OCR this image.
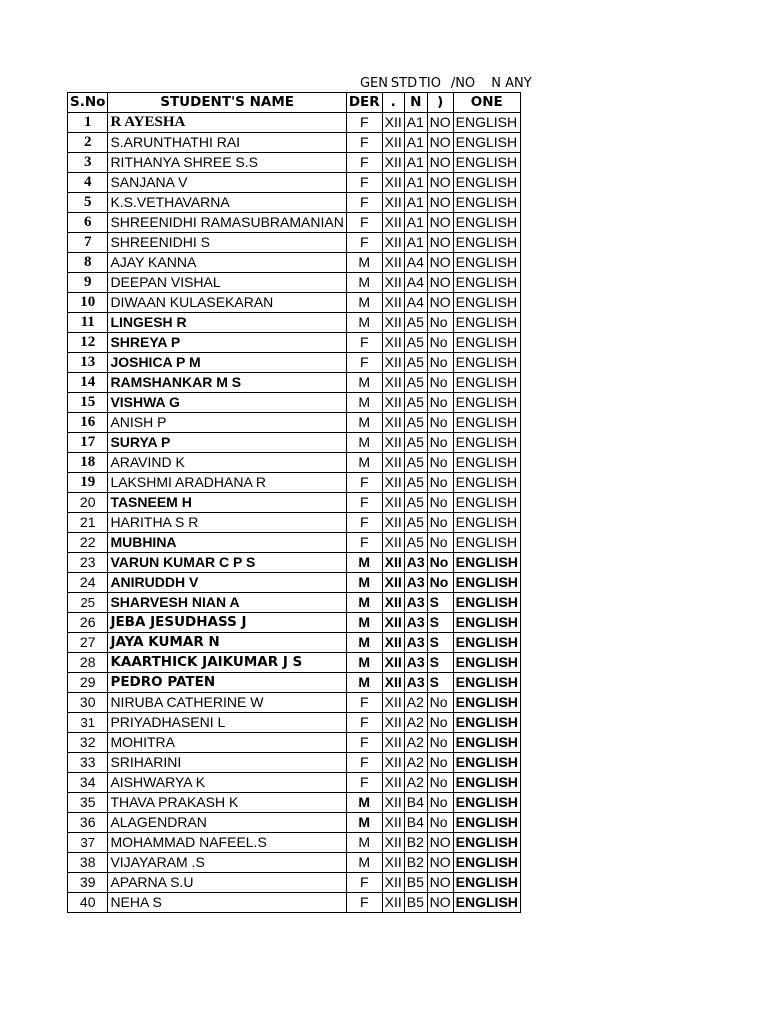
GEN STD TIO /NO	N ANY
S.No	STUDENT'S NAME	DER	.	N	)	ONE
1	R AYESHA	F	XII	A1	NO	ENGLISH
2	S.ARUNTHATHI RAI	F	XII	A1	NO	ENGLISH
3	RITHANYA SHREE S.S	F	XII	A1	NO	ENGLISH
4	SANJANA V	F	XII	A1	NO	ENGLISH
5	K.S.VETHAVARNA	F	XII	A1	NO	ENGLISH
6	SHREENIDHI RAMASUBRAMANIAN	F	XII	A1	NO	ENGLISH
7	SHREENIDHI S	F	XII	A1	NO	ENGLISH
8	AJAY KANNA	M	XII	A4	NO	ENGLISH
9	DEEPAN VISHAL	M	XII	A4	NO	ENGLISH
10	DIWAAN KULASEKARAN	M	XII	A4	NO	ENGLISH
11	LINGESH R	M	XII	A5	No	ENGLISH
12	SHREYA P	F	XII	A5	No	ENGLISH
13	JOSHICA P M	F	XII	A5	No	ENGLISH
14	RAMSHANKAR M S	M	XII	A5	No	ENGLISH
15	VISHWA G	M	XII	A5	No	ENGLISH
16	ANISH P	M	XII	A5	No	ENGLISH
17	SURYA P	M	XII	A5	No	ENGLISH
18	ARAVIND K	M	XII	A5	No	ENGLISH
19	LAKSHMI ARADHANA R	F	XII	A5	No	ENGLISH
20	TASNEEM H	F	XII	A5	No	ENGLISH
21	HARITHA S R	F	XII	A5	No	ENGLISH
22	MUBHINA	F	XII	A5	No	ENGLISH
23	VARUN KUMAR C P S	M	XII	A3	No	ENGLISH
24	ANIRUDDH V	M	XII	A3	No	ENGLISH
25	SHARVESH NIAN A	M	XII	A3	S	ENGLISH
26	JEBA JESUDHASS J	M	XII	A3	S	ENGLISH
27	JAYA KUMAR N	M	XII	A3	S	ENGLISH
28	KAARTHICK JAIKUMAR J S	M	XII	A3	S	ENGLISH
29	PEDRO PATEN	M	XII	A3	S	ENGLISH
30	NIRUBA CATHERINE W	F	XII	A2	No	ENGLISH
31	PRIYADHASENI L	F	XII	A2	No	ENGLISH
32	MOHITRA	F	XII	A2	No	ENGLISH
33	SRIHARINI	F	XII	A2	No	ENGLISH
34	AISHWARYA K	F	XII	A2	No	ENGLISH
35	THAVA PRAKASH K	M	XII	B4	No	ENGLISH
36	ALAGENDRAN	M	XII	B4	No	ENGLISH
37	MOHAMMAD NAFEEL.S	M	XII	B2	NO	ENGLISH
38	VIJAYARAM .S	M	XII	B2	NO	ENGLISH
39	APARNA S.U	F	XII	B5	NO	ENGLISH
40	NEHA S	F	XII	B5	NO	ENGLISH
